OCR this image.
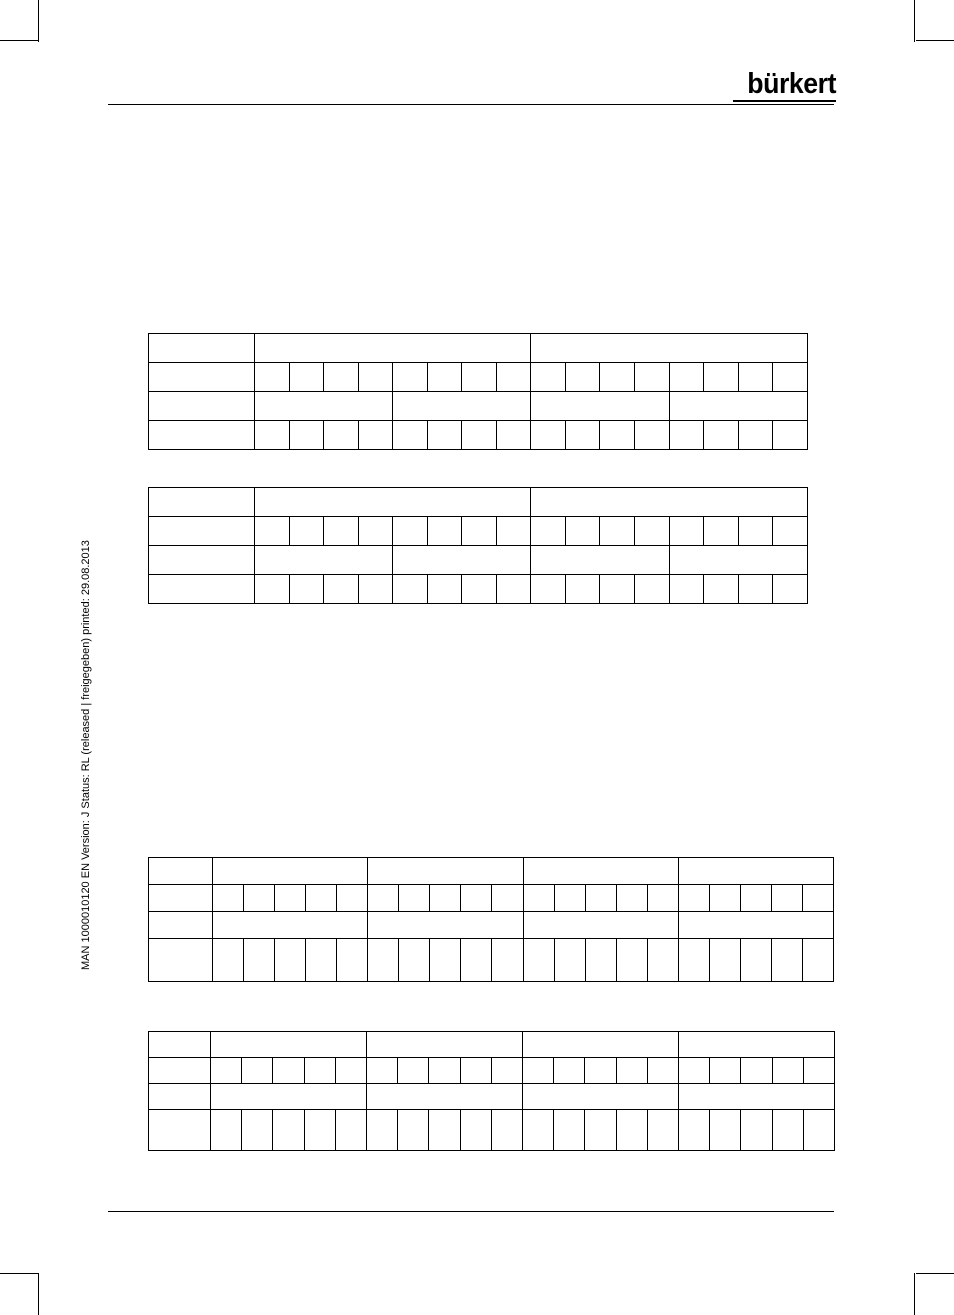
bürkert
MAN 1000010120 EN Version: J Status: RL (released | freigegeben) printed: 29.08.2013
